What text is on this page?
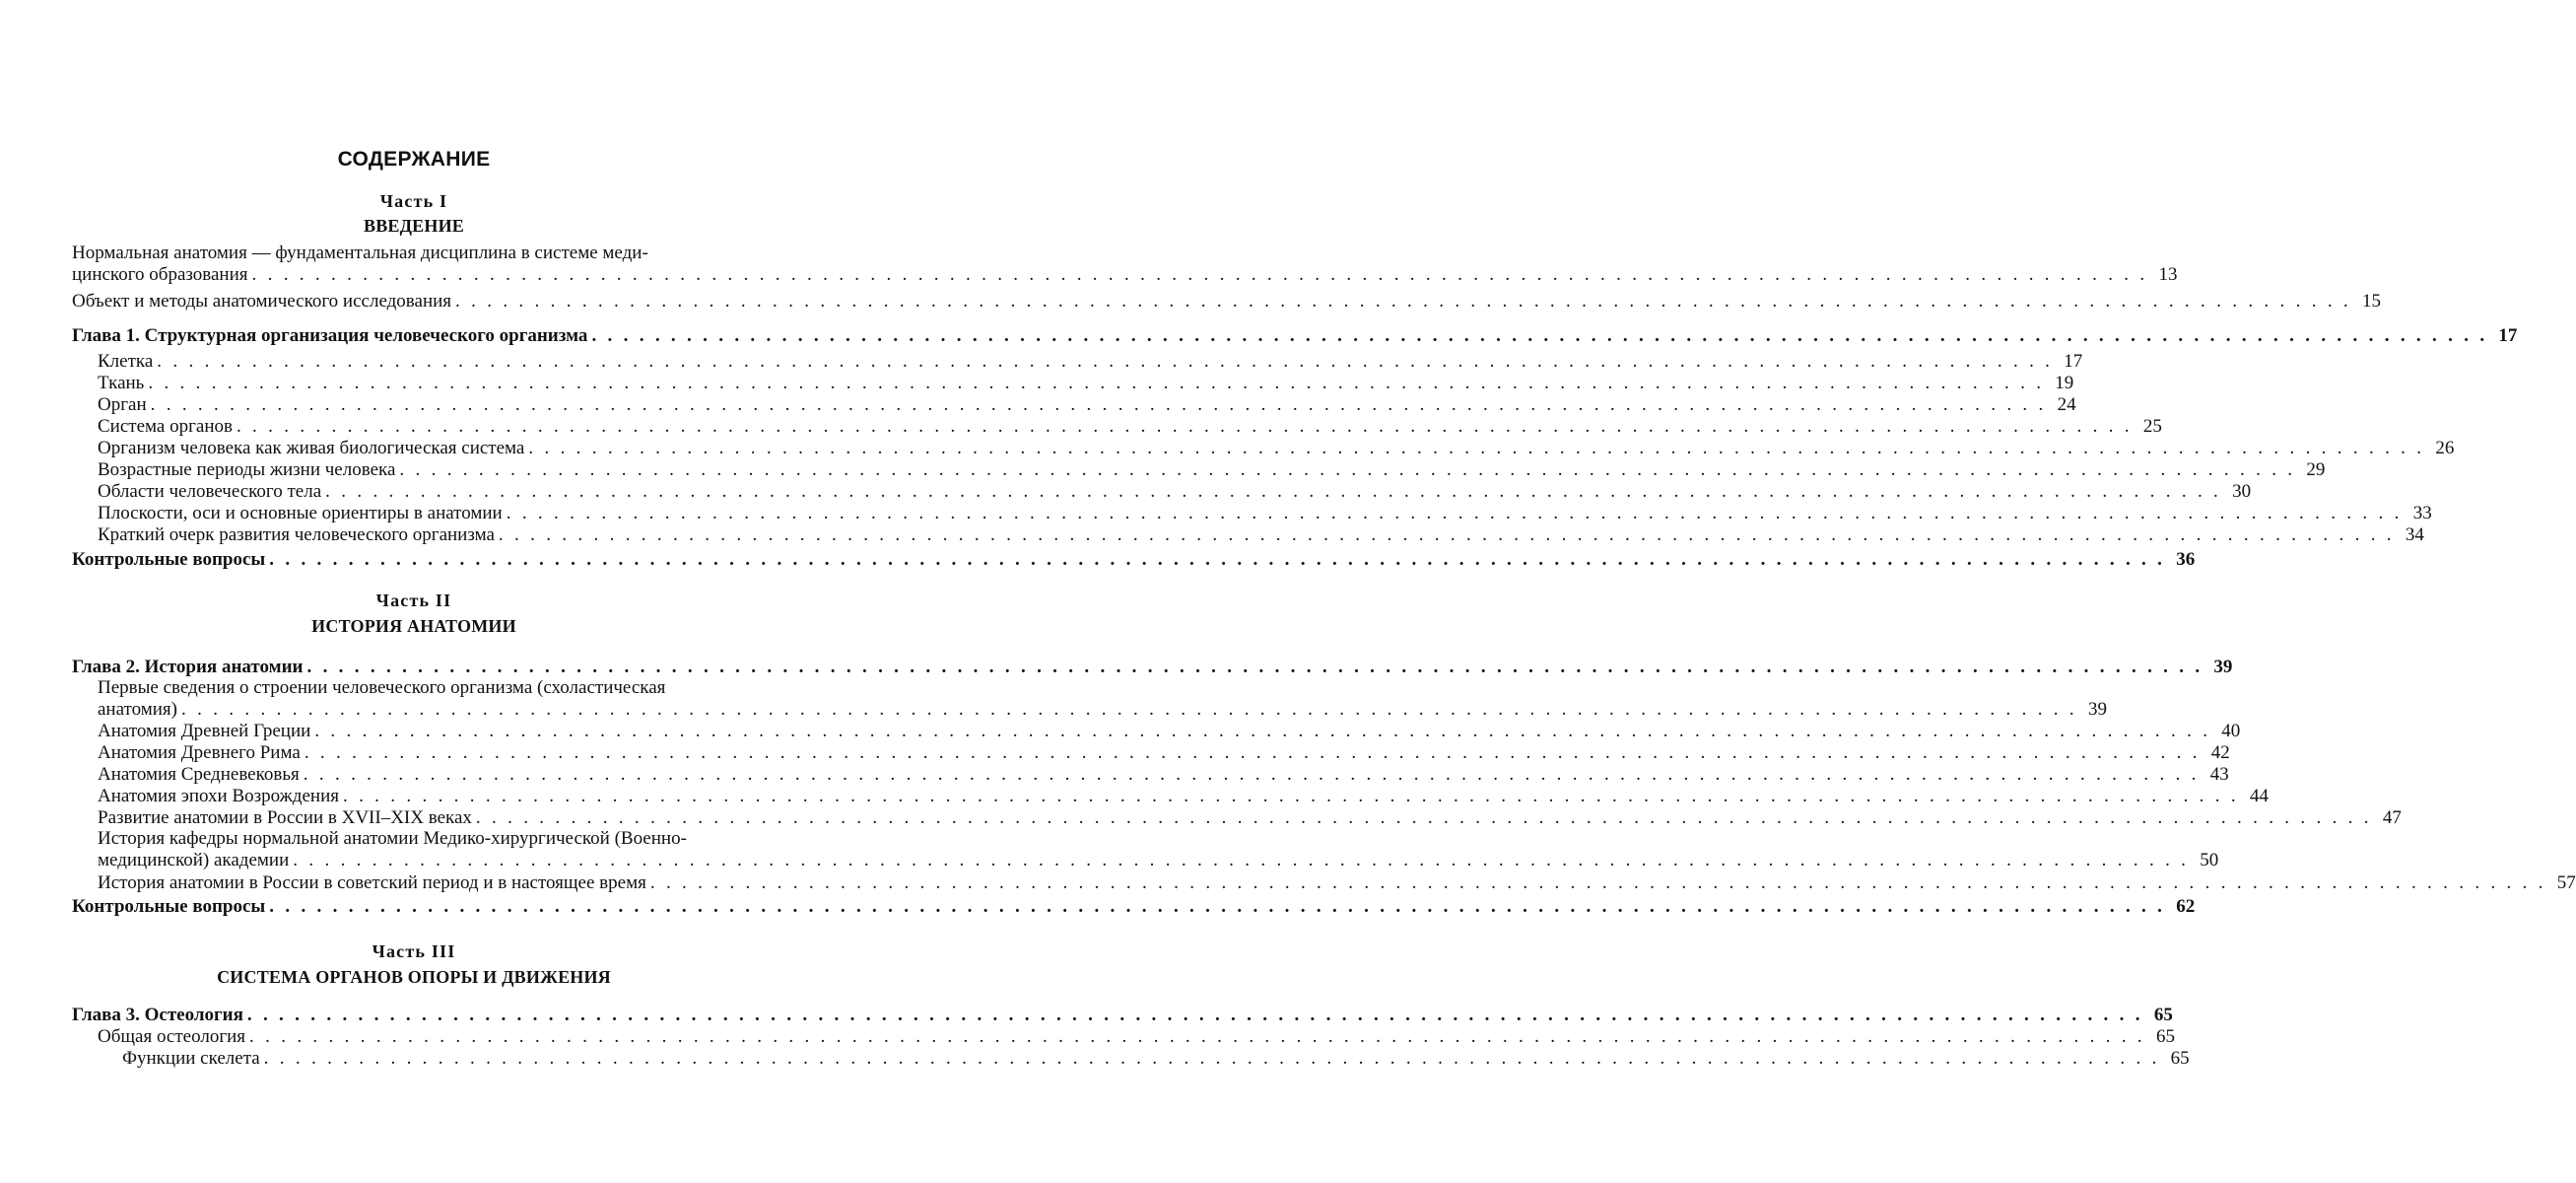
СОДЕРЖАНИЕ
Часть I
ВВЕДЕНИЕ
Часть II
ИСТОРИЯ АНАТОМИИ
Часть III
СИСТЕМА ОРГАНОВ ОПОРЫ И ДВИЖЕНИЯ
Нормальная анатомия — фундаментальная дисциплина в системе меди-
цинского образования . . . . . . . . . . . . . . . . . . . . . . . . . . . . . . . . . . . . . . . . . . . . . . . . . . . . . . . . . . . . . . . . . . . . . . . . . . . . . . . . . . . . . . . . . . . . . . . . . . . . . . . . . . . . . . . . . . . . . . . . 13
Объект и методы анатомического исследования . . . . . . . . . . . . . . . . . . . . . . . . . . . . . . . . . . . . . . . . . . . . . . . . . . . . . . . . . . . . . . . . . . . . . . . . . . . . . . . . . . . . . . . . . . . . . . . . . . . . . . . . . . . . . . . . . . . . . . . . 15
Глава 1. Структурная организация человеческого организма . . . . . . . . . . . . . . . . . . . . . . . . . . . . . . . . . . . . . . . . . . . . . . . . . . . . . . . . . . . . . . . . . . . . . . . . . . . . . . . . . . . . . . . . . . . . . . . . . . . . . . . . . . . . . . . . . . . . . . . . 17
Клетка . . . . . . . . . . . . . . . . . . . . . . . . . . . . . . . . . . . . . . . . . . . . . . . . . . . . . . . . . . . . . . . . . . . . . . . . . . . . . . . . . . . . . . . . . . . . . . . . . . . . . . . . . . . . . . . . . . . . . . . . 17
Ткань . . . . . . . . . . . . . . . . . . . . . . . . . . . . . . . . . . . . . . . . . . . . . . . . . . . . . . . . . . . . . . . . . . . . . . . . . . . . . . . . . . . . . . . . . . . . . . . . . . . . . . . . . . . . . . . . . . . . . . . . 19
Орган . . . . . . . . . . . . . . . . . . . . . . . . . . . . . . . . . . . . . . . . . . . . . . . . . . . . . . . . . . . . . . . . . . . . . . . . . . . . . . . . . . . . . . . . . . . . . . . . . . . . . . . . . . . . . . . . . . . . . . . . 24
Система органов . . . . . . . . . . . . . . . . . . . . . . . . . . . . . . . . . . . . . . . . . . . . . . . . . . . . . . . . . . . . . . . . . . . . . . . . . . . . . . . . . . . . . . . . . . . . . . . . . . . . . . . . . . . . . . . . . . . . . . . . 25
Организм человека как живая биологическая система . . . . . . . . . . . . . . . . . . . . . . . . . . . . . . . . . . . . . . . . . . . . . . . . . . . . . . . . . . . . . . . . . . . . . . . . . . . . . . . . . . . . . . . . . . . . . . . . . . . . . . . . . . . . . . . . . . . . . . . . 26
Возрастные периоды жизни человека . . . . . . . . . . . . . . . . . . . . . . . . . . . . . . . . . . . . . . . . . . . . . . . . . . . . . . . . . . . . . . . . . . . . . . . . . . . . . . . . . . . . . . . . . . . . . . . . . . . . . . . . . . . . . . . . . . . . . . . . 29
Области человеческого тела . . . . . . . . . . . . . . . . . . . . . . . . . . . . . . . . . . . . . . . . . . . . . . . . . . . . . . . . . . . . . . . . . . . . . . . . . . . . . . . . . . . . . . . . . . . . . . . . . . . . . . . . . . . . . . . . . . . . . . . . 30
Плоскости, оси и основные ориентиры в анатомии . . . . . . . . . . . . . . . . . . . . . . . . . . . . . . . . . . . . . . . . . . . . . . . . . . . . . . . . . . . . . . . . . . . . . . . . . . . . . . . . . . . . . . . . . . . . . . . . . . . . . . . . . . . . . . . . . . . . . . . . 33
Краткий очерк развития человеческого организма . . . . . . . . . . . . . . . . . . . . . . . . . . . . . . . . . . . . . . . . . . . . . . . . . . . . . . . . . . . . . . . . . . . . . . . . . . . . . . . . . . . . . . . . . . . . . . . . . . . . . . . . . . . . . . . . . . . . . . . . 34
Контрольные вопросы . . . . . . . . . . . . . . . . . . . . . . . . . . . . . . . . . . . . . . . . . . . . . . . . . . . . . . . . . . . . . . . . . . . . . . . . . . . . . . . . . . . . . . . . . . . . . . . . . . . . . . . . . . . . . . . . . . . . . . . . 36
Глава 2. История анатомии . . . . . . . . . . . . . . . . . . . . . . . . . . . . . . . . . . . . . . . . . . . . . . . . . . . . . . . . . . . . . . . . . . . . . . . . . . . . . . . . . . . . . . . . . . . . . . . . . . . . . . . . . . . . . . . . . . . . . . . . 39
Первые сведения о строении человеческого организма (схоластическая
анатомия) . . . . . . . . . . . . . . . . . . . . . . . . . . . . . . . . . . . . . . . . . . . . . . . . . . . . . . . . . . . . . . . . . . . . . . . . . . . . . . . . . . . . . . . . . . . . . . . . . . . . . . . . . . . . . . . . . . . . . . . . 39
Анатомия Древней Греции . . . . . . . . . . . . . . . . . . . . . . . . . . . . . . . . . . . . . . . . . . . . . . . . . . . . . . . . . . . . . . . . . . . . . . . . . . . . . . . . . . . . . . . . . . . . . . . . . . . . . . . . . . . . . . . . . . . . . . . . 40
Анатомия Древнего Рима . . . . . . . . . . . . . . . . . . . . . . . . . . . . . . . . . . . . . . . . . . . . . . . . . . . . . . . . . . . . . . . . . . . . . . . . . . . . . . . . . . . . . . . . . . . . . . . . . . . . . . . . . . . . . . . . . . . . . . . . 42
Анатомия Средневековья . . . . . . . . . . . . . . . . . . . . . . . . . . . . . . . . . . . . . . . . . . . . . . . . . . . . . . . . . . . . . . . . . . . . . . . . . . . . . . . . . . . . . . . . . . . . . . . . . . . . . . . . . . . . . . . . . . . . . . . . 43
Анатомия эпохи Возрождения . . . . . . . . . . . . . . . . . . . . . . . . . . . . . . . . . . . . . . . . . . . . . . . . . . . . . . . . . . . . . . . . . . . . . . . . . . . . . . . . . . . . . . . . . . . . . . . . . . . . . . . . . . . . . . . . . . . . . . . . 44
Развитие анатомии в России в XVII–XIX веках . . . . . . . . . . . . . . . . . . . . . . . . . . . . . . . . . . . . . . . . . . . . . . . . . . . . . . . . . . . . . . . . . . . . . . . . . . . . . . . . . . . . . . . . . . . . . . . . . . . . . . . . . . . . . . . . . . . . . . . . 47
История кафедры нормальной анатомии Медико-хирургической (Военно-
медицинской) академии . . . . . . . . . . . . . . . . . . . . . . . . . . . . . . . . . . . . . . . . . . . . . . . . . . . . . . . . . . . . . . . . . . . . . . . . . . . . . . . . . . . . . . . . . . . . . . . . . . . . . . . . . . . . . . . . . . . . . . . . 50
История анатомии в России в советский период и в настоящее время . . . . . . . . . . . . . . . . . . . . . . . . . . . . . . . . . . . . . . . . . . . . . . . . . . . . . . . . . . . . . . . . . . . . . . . . . . . . . . . . . . . . . . . . . . . . . . . . . . . . . . . . . . . . . . . . . . . . . . . . 57
Контрольные вопросы . . . . . . . . . . . . . . . . . . . . . . . . . . . . . . . . . . . . . . . . . . . . . . . . . . . . . . . . . . . . . . . . . . . . . . . . . . . . . . . . . . . . . . . . . . . . . . . . . . . . . . . . . . . . . . . . . . . . . . . . 62
Глава 3. Остеология . . . . . . . . . . . . . . . . . . . . . . . . . . . . . . . . . . . . . . . . . . . . . . . . . . . . . . . . . . . . . . . . . . . . . . . . . . . . . . . . . . . . . . . . . . . . . . . . . . . . . . . . . . . . . . . . . . . . . . . . 65
Общая остеология . . . . . . . . . . . . . . . . . . . . . . . . . . . . . . . . . . . . . . . . . . . . . . . . . . . . . . . . . . . . . . . . . . . . . . . . . . . . . . . . . . . . . . . . . . . . . . . . . . . . . . . . . . . . . . . . . . . . . . . . 65
Функции скелета . . . . . . . . . . . . . . . . . . . . . . . . . . . . . . . . . . . . . . . . . . . . . . . . . . . . . . . . . . . . . . . . . . . . . . . . . . . . . . . . . . . . . . . . . . . . . . . . . . . . . . . . . . . . . . . . . . . . . . . . 65
